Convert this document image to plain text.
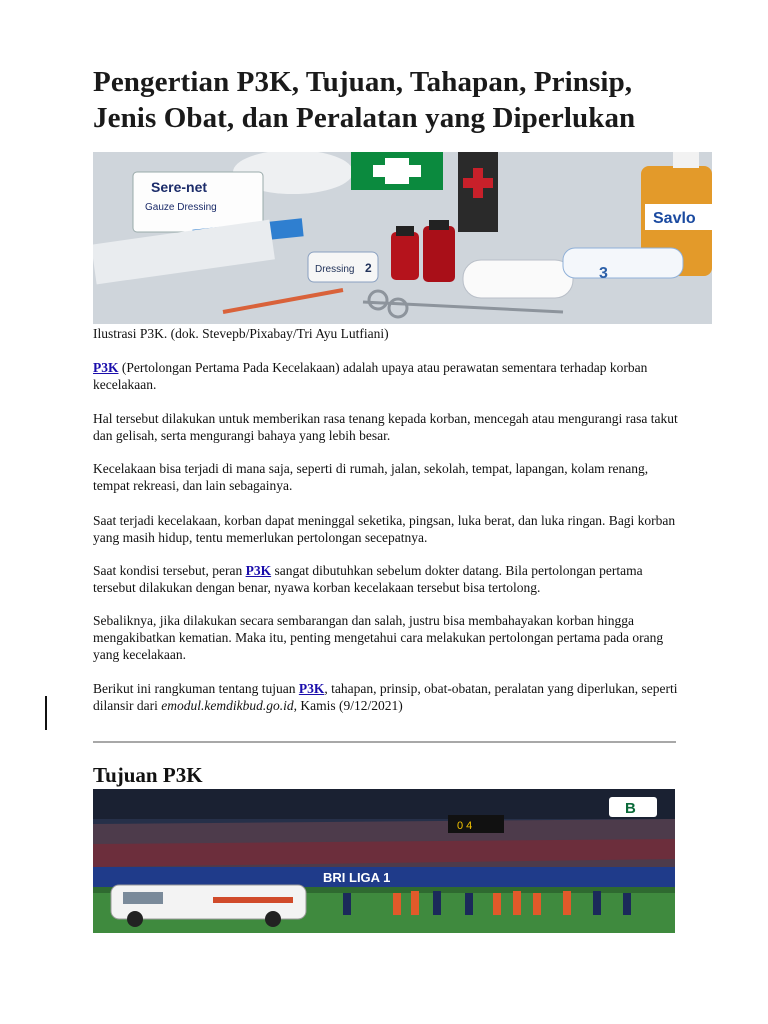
Pengertian P3K, Tujuan, Tahapan, Prinsip, Jenis Obat, dan Peralatan yang Diperlukan
Savlo
Sere-net
Gauze Dressing
Dressing 2	3
Ilustrasi P3K. (dok. Stevepb/Pixabay/Tri Ayu Lutfiani)

P3K (Pertolongan Pertama Pada Kecelakaan) adalah upaya atau perawatan sementara terhadap korban kecelakaan.

Hal tersebut dilakukan untuk memberikan rasa tenang kepada korban, mencegah atau mengurangi rasa takut dan gelisah, serta mengurangi bahaya yang lebih besar.

Kecelakaan bisa terjadi di mana saja, seperti di rumah, jalan, sekolah, tempat, lapangan, kolam renang, tempat rekreasi, dan lain sebagainya.

Saat terjadi kecelakaan, korban dapat meninggal seketika, pingsan, luka berat, dan luka ringan. Bagi korban yang masih hidup, tentu memerlukan pertolongan secepatnya.

Saat kondisi tersebut, peran P3K sangat dibutuhkan sebelum dokter datang. Bila pertolongan pertama tersebut dilakukan dengan benar, nyawa korban kecelakaan tersebut bisa tertolong.

Sebaliknya, jika dilakukan secara sembarangan dan salah, justru bisa membahayakan korban hingga mengakibatkan kematian. Maka itu, penting mengetahui cara melakukan pertolongan pertama pada orang yang kecelakaan.

Berikut ini rangkuman tentang tujuan P3K, tahapan, prinsip, obat-obatan, peralatan yang diperlukan, seperti dilansir dari emodul.kemdikbud.go.id, Kamis (9/12/2021)

Tujuan P3K
BRI LIGA 1
0 4
B
